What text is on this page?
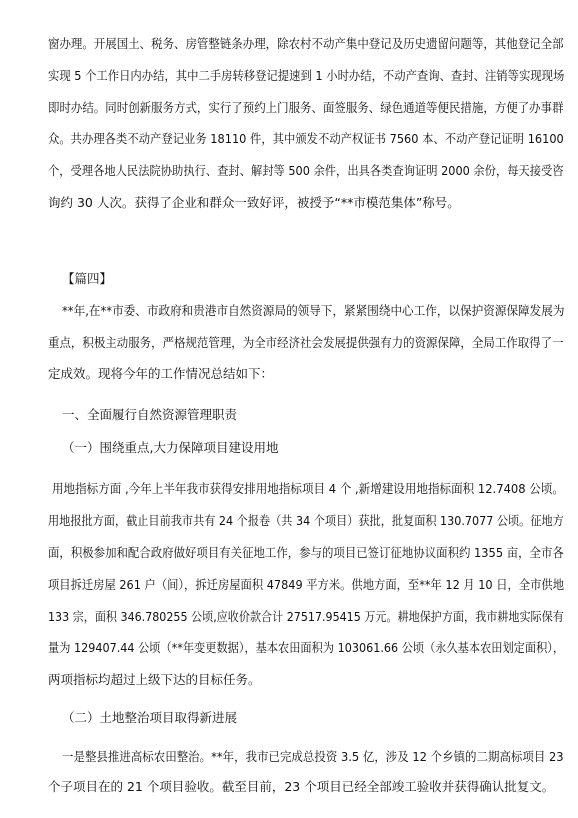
窗办理。开展国土、税务、房管整链条办理，除农村不动产集中登记及历史遗留问题等，其他登记全部
实现 5 个工作日内办结，其中二手房转移登记提速到 1 小时办结，不动产查询、查封、注销等实现现场
即时办结。同时创新服务方式，实行了预约上门服务、面签服务、绿色通道等便民措施，方便了办事群
众。共办理各类不动产登记业务 18110 件，其中颁发不动产权证书 7560 本、不动产登记证明 16100
个，受理各地人民法院协助执行、查封、解封等 500 余件，出具各类查询证明 2000 余份，每天接受咨
询约 30 人次。获得了企业和群众一致好评，被授予“**市模范集体”称号。
【篇四】
**年,在**市委、市政府和贵港市自然资源局的领导下，紧紧围绕中心工作，以保护资源保障发展为
重点，积极主动服务，严格规范管理，为全市经济社会发展提供强有力的资源保障，全局工作取得了一
定成效。现将今年的工作情况总结如下：
一、全面履行自然资源管理职责
（一）围绕重点,大力保障项目建设用地
用地指标方面 ,今年上半年我市获得安排用地指标项目 4 个 ,新增建设用地指标面积 12.7408 公顷。
用地报批方面，截止目前我市共有 24 个报卷（共 34 个项目）获批，批复面积 130.7077 公顷。征地方
面，积极参加和配合政府做好项目有关征地工作，参与的项目已签订征地协议面积约 1355 亩，全市各
项目拆迁房屋 261 户（间），拆迁房屋面积 47849 平方米。供地方面，至**年 12 月 10 日，全市供地
133 宗，面积 346.780255 公顷,应收价款合计 27517.95415 万元。耕地保护方面，我市耕地实际保有
量为 129407.44 公顷（**年变更数据），基本农田面积为 103061.66 公顷（永久基本农田划定面积），
两项指标均超过上级下达的目标任务。
（二）土地整治项目取得新进展
一是整县推进高标农田整治。**年，我市已完成总投资 3.5 亿，涉及 12 个乡镇的二期高标项目 23
个子项目在的 21 个项目验收。截至目前，23 个项目已经全部竣工验收并获得确认批复文。
